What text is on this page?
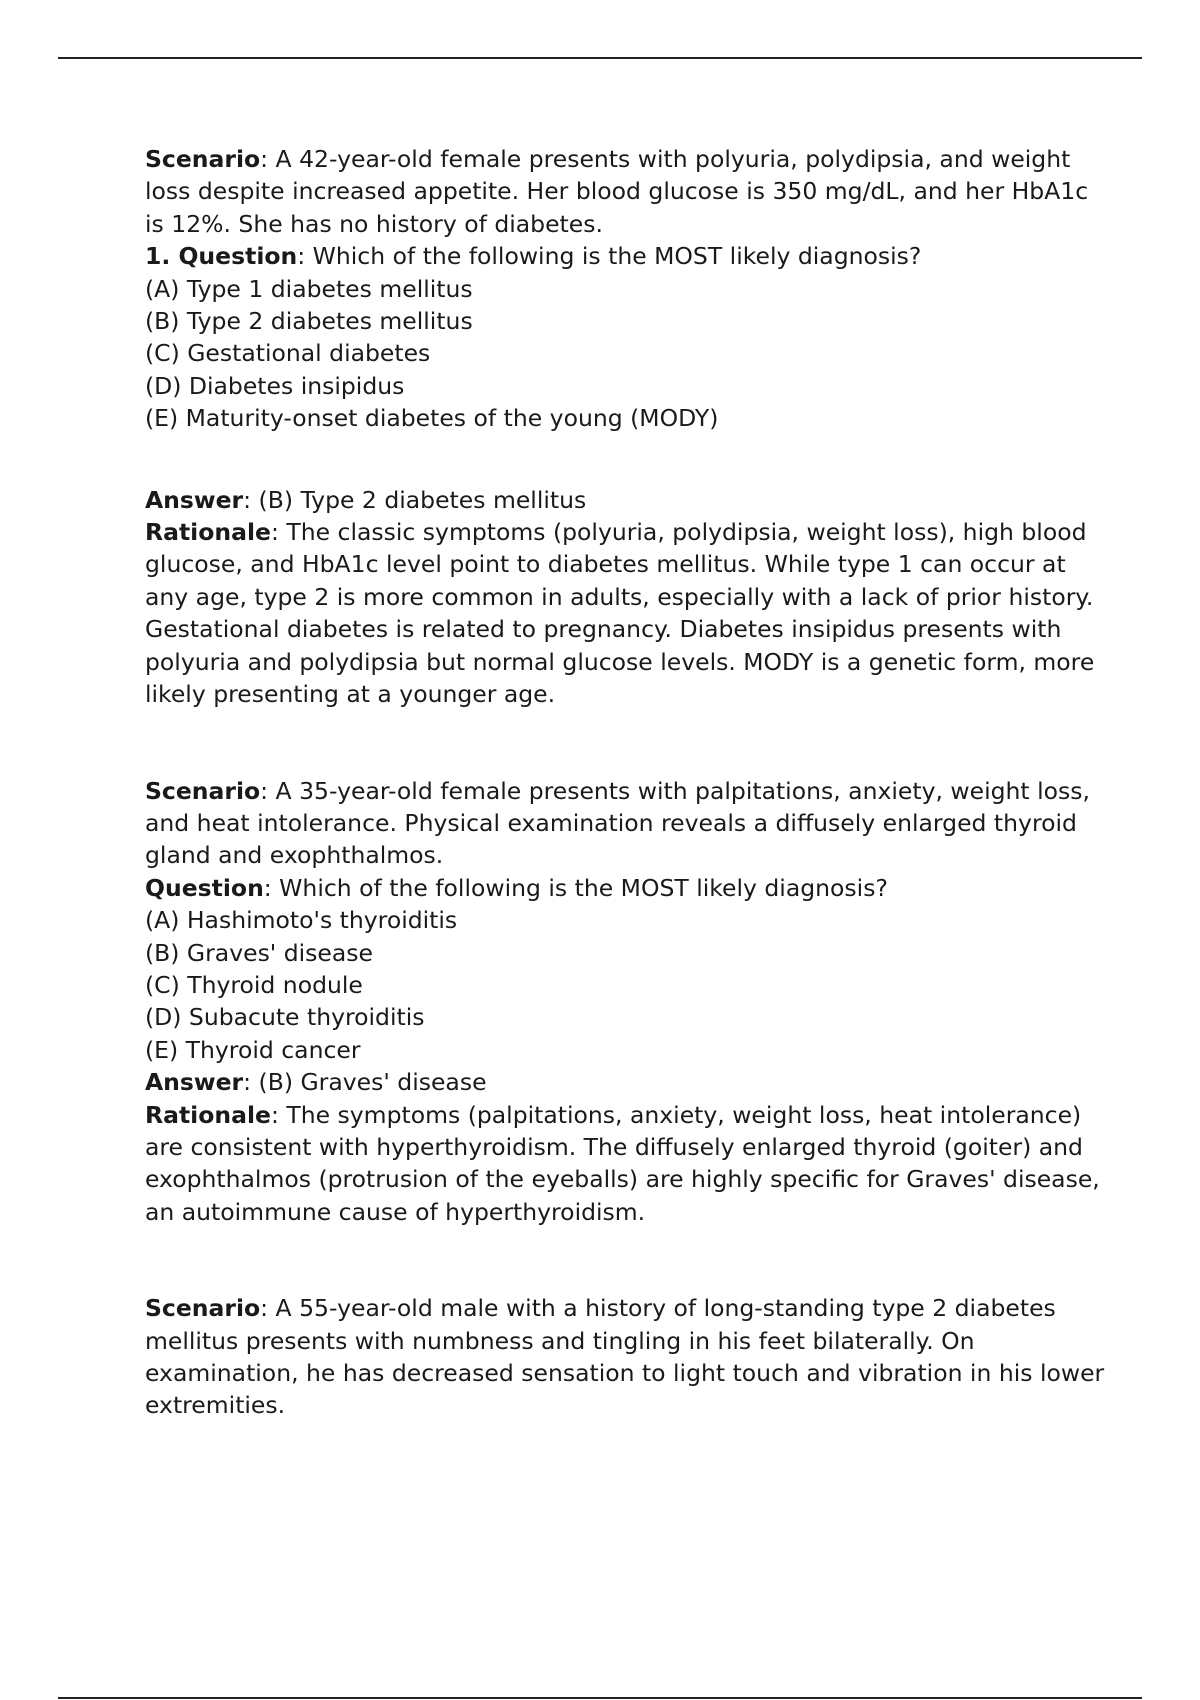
Scenario: A 42-year-old female presents with polyuria, polydipsia, and weight loss despite increased appetite. Her blood glucose is 350 mg/dL, and her HbA1c is 12%. She has no history of diabetes.

1. Question: Which of the following is the MOST likely diagnosis?

(A) Type 1 diabetes mellitus

(B) Type 2 diabetes mellitus

(C) Gestational diabetes

(D) Diabetes insipidus

(E) Maturity-onset diabetes of the young (MODY)

Answer: (B) Type 2 diabetes mellitus

Rationale: The classic symptoms (polyuria, polydipsia, weight loss), high blood glucose, and HbA1c level point to diabetes mellitus. While type 1 can occur at any age, type 2 is more common in adults, especially with a lack of prior history. Gestational diabetes is related to pregnancy. Diabetes insipidus presents with polyuria and polydipsia but normal glucose levels. MODY is a genetic form, more likely presenting at a younger age.

Scenario: A 35-year-old female presents with palpitations, anxiety, weight loss, and heat intolerance. Physical examination reveals a diffusely enlarged thyroid gland and exophthalmos.

Question: Which of the following is the MOST likely diagnosis?

(A) Hashimoto's thyroiditis

(B) Graves' disease

(C) Thyroid nodule

(D) Subacute thyroiditis

(E) Thyroid cancer

Answer: (B) Graves' disease

Rationale: The symptoms (palpitations, anxiety, weight loss, heat intolerance) are consistent with hyperthyroidism. The diffusely enlarged thyroid (goiter) and exophthalmos (protrusion of the eyeballs) are highly specific for Graves' disease, an autoimmune cause of hyperthyroidism.

Scenario: A 55-year-old male with a history of long-standing type 2 diabetes mellitus presents with numbness and tingling in his feet bilaterally. On examination, he has decreased sensation to light touch and vibration in his lower extremities.
